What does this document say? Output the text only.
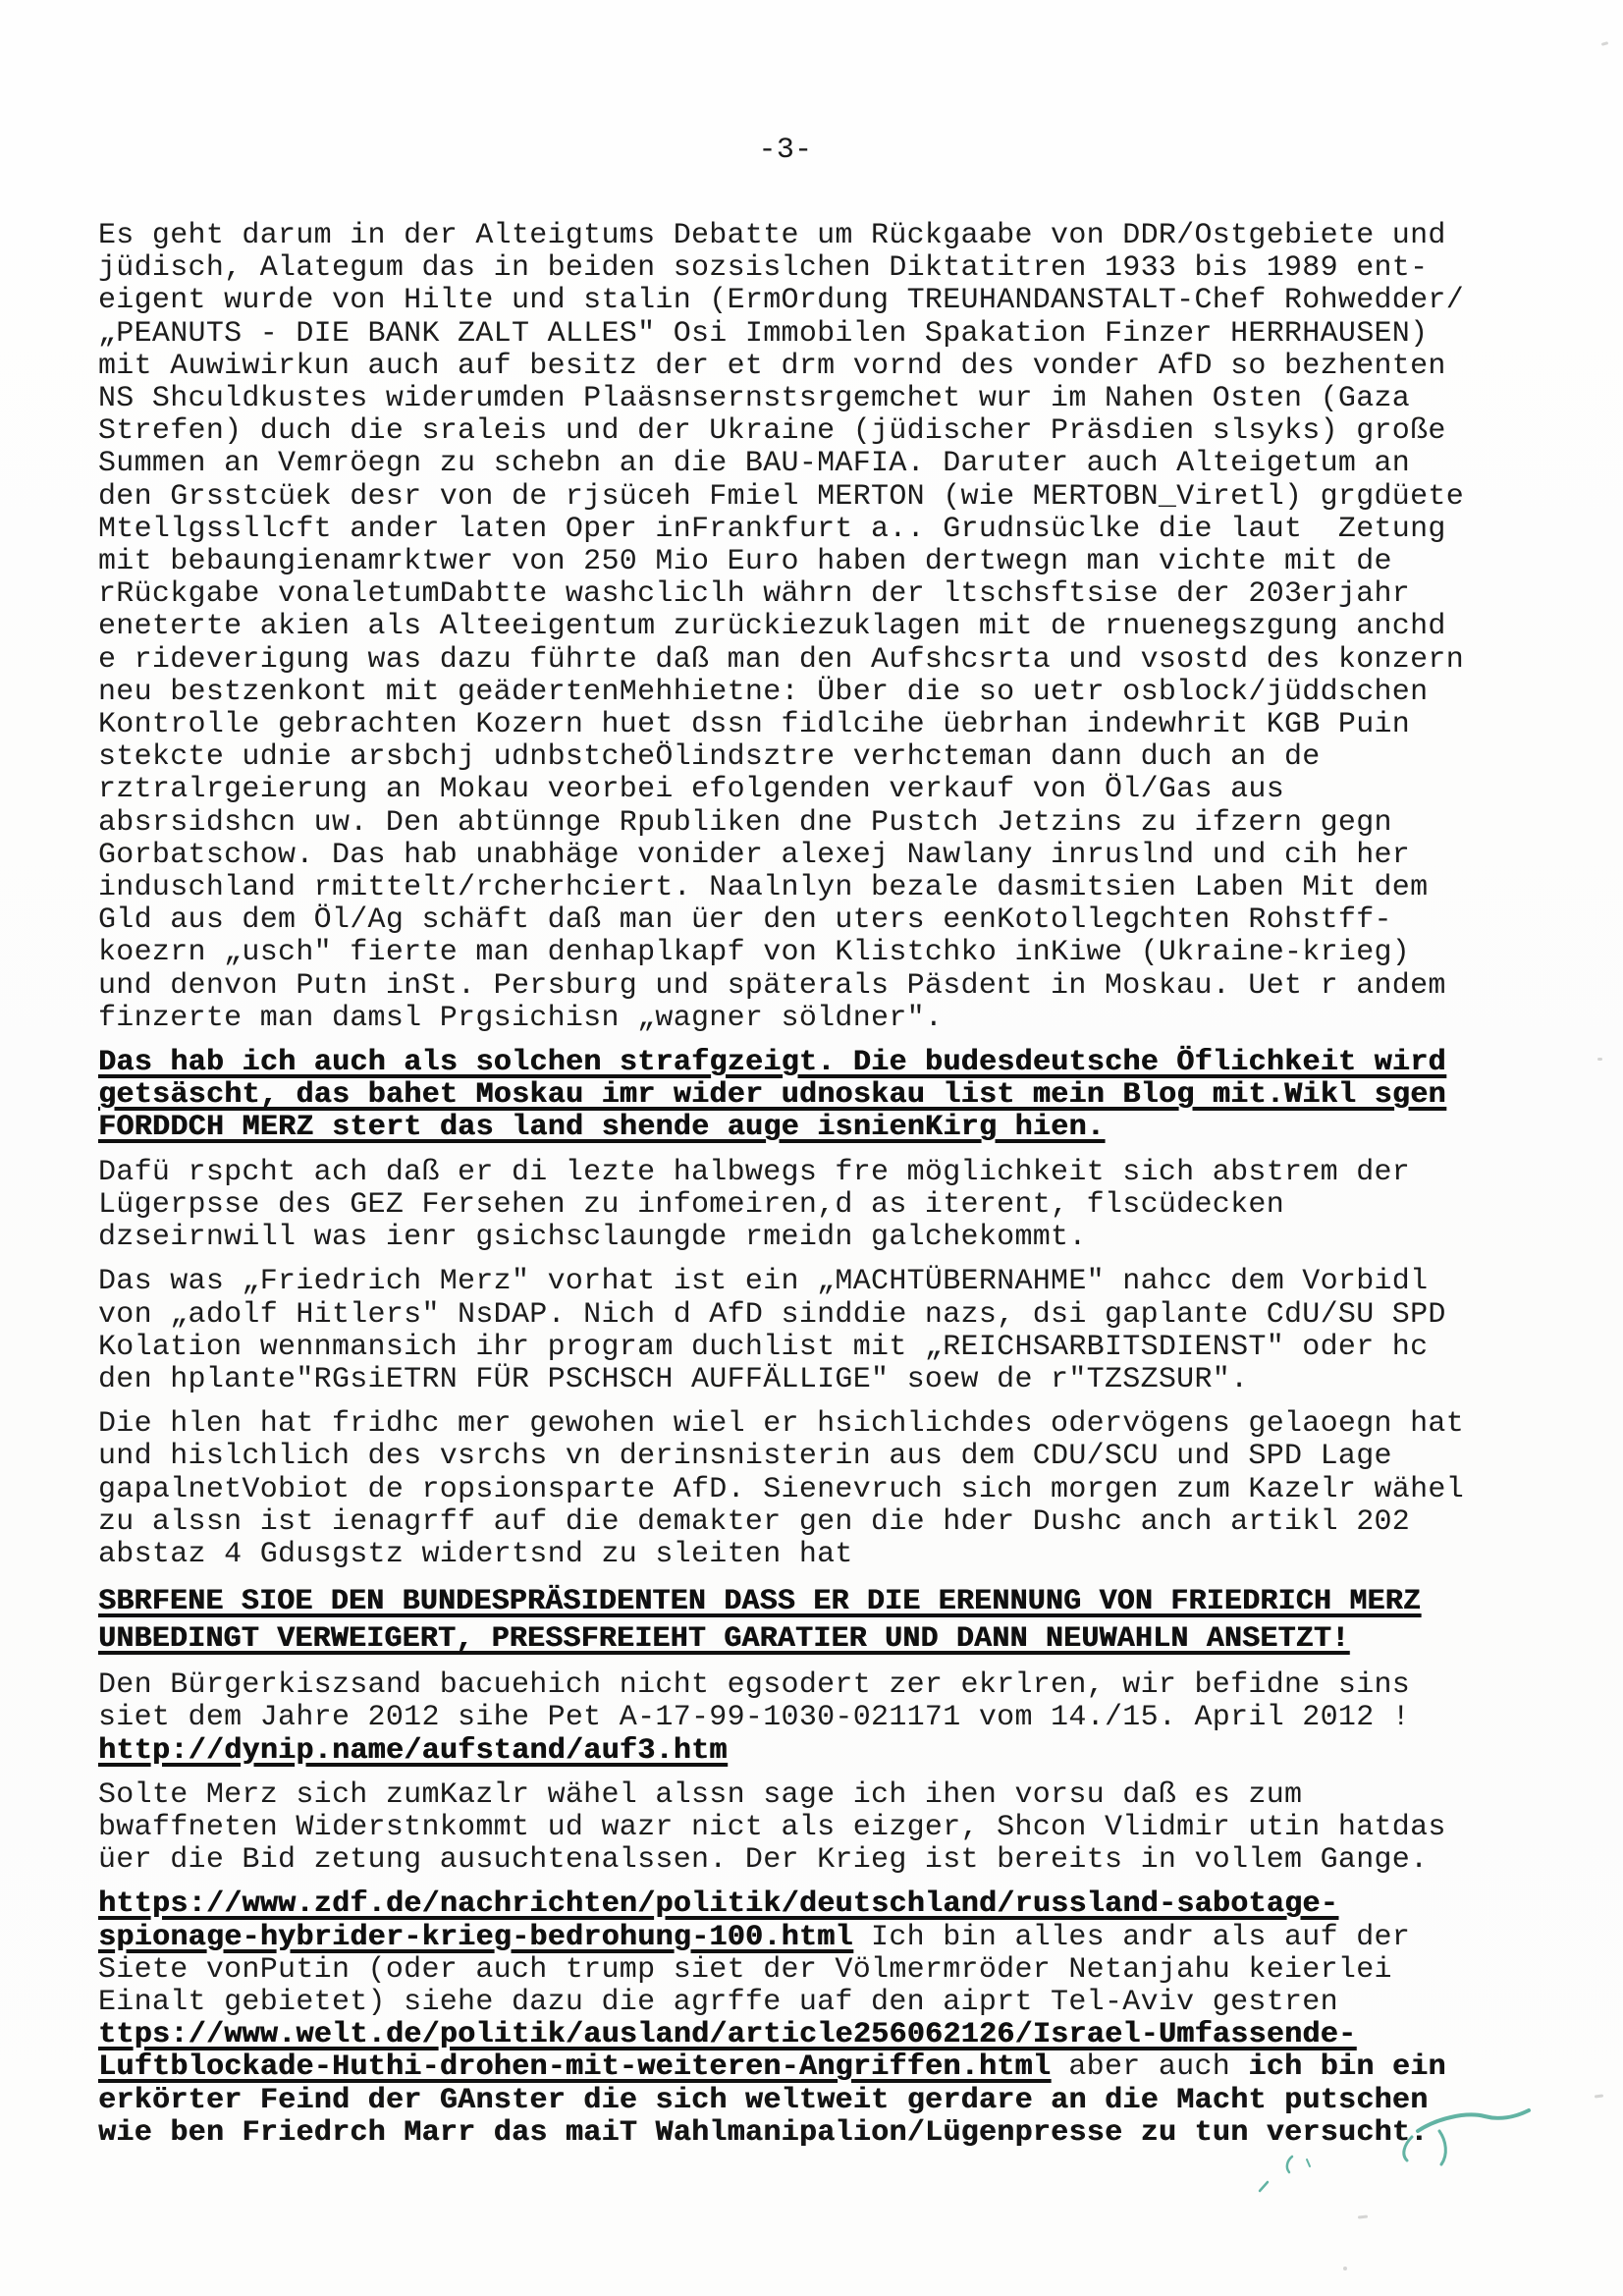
-3-
Es geht darum in der Alteigtums Debatte um Rückgaabe von DDR/Ostgebiete und
jüdisch, Alategum das in beiden sozsislchen Diktatitren 1933 bis 1989 ent-
eigent wurde von Hilte und stalin (ErmOrdung TREUHANDANSTALT-Chef Rohwedder/
„PEANUTS - DIE BANK ZALT ALLES" Osi Immobilen Spakation Finzer HERRHAUSEN)
mit Auwiwirkun auch auf besitz der et drm vornd des vonder AfD so bezhenten
NS Shculdkustes widerumden Plaäsnsernstsrgemchet wur im Nahen Osten (Gaza
Strefen) duch die sraleis und der Ukraine (jüdischer Präsdien slsyks) große
Summen an Vemröegn zu schebn an die BAU-MAFIA. Daruter auch Alteigetum an
den Grsstcüek desr von de rjsüceh Fmiel MERTON (wie MERTOBN_Viretl) grgdüete
Mtellgssllcft ander laten Oper inFrankfurt a.. Grudnsüclke die laut  Zetung
mit bebaungienamrktwer von 250 Mio Euro haben dertwegn man vichte mit de
rRückgabe vonaletumDabtte washcliclh währn der ltschsftsise der 203erjahr
eneterte akien als Alteeigentum zurückiezuklagen mit de rnuenegszgung anchd
e rideverigung was dazu führte daß man den Aufshcsrta und vsostd des konzern
neu bestzenkont mit geädertenMehhietne: Über die so uetr osblock/jüddschen
Kontrolle gebrachten Kozern huet dssn fidlcihe üebrhan indewhrit KGB Puin
stekcte udnie arsbchj udnbstcheÖlindsztre verhcteman dann duch an de
rztralrgeierung an Mokau veorbei efolgenden verkauf von Öl/Gas aus
absrsidshcn uw. Den abtünnge Rpubliken dne Pustch Jetzins zu ifzern gegn
Gorbatschow. Das hab unabhäge vonider alexej Nawlany inruslnd und cih her
induschland rmittelt/rcherhciert. Naalnlyn bezale dasmitsien Laben Mit dem
Gld aus dem Öl/Ag schäft daß man üer den uters eenKotollegchten Rohstff-
koezrn „usch" fierte man denhaplkapf von Klistchko inKiwe (Ukraine-krieg)
und denvon Putn inSt. Persburg und späterals Päsdent in Moskau. Uet r andem
finzerte man damsl Prgsichisn „wagner söldner".
Das hab ich auch als solchen strafgzeigt. Die budesdeutsche Öflichkeit wird
getsäscht, das bahet Moskau imr wider udnoskau list mein Blog mit.Wikl sgen
FORDDCH MERZ stert das land shende auge isnienKirg hien.
Dafü rspcht ach daß er di lezte halbwegs fre möglichkeit sich abstrem der
Lügerpsse des GEZ Fersehen zu infomeiren,d as iterent, flscüdecken
dzseirnwill was ienr gsichsclaungde rmeidn galchekommt.
Das was „Friedrich Merz" vorhat ist ein „MACHTÜBERNAHME" nahcc dem Vorbidl
von „adolf Hitlers" NsDAP. Nich d AfD sinddie nazs, dsi gaplante CdU/SU SPD
Kolation wennmansich ihr program duchlist mit „REICHSARBITSDIENST" oder hc
den hplante"RGsiETRN FÜR PSCHSCH AUFFÄLLIGE" soew de r"TZSZSUR".
Die hlen hat fridhc mer gewohen wiel er hsichlichdes odervögens gelaoegn hat
und hislchlich des vsrchs vn derinsnisterin aus dem CDU/SCU und SPD Lage
gapalnetVobiot de ropsionsparte AfD. Sienevruch sich morgen zum Kazelr wähel
zu alssn ist ienagrff auf die demakter gen die hder Dushc anch artikl 202
abstaz 4 Gdusgstz widertsnd zu sleiten hat
SBRFENE SIOE DEN BUNDESPRÄSIDENTEN DASS ER DIE ERENNUNG VON FRIEDRICH MERZ
UNBEDINGT VERWEIGERT, PRESSFREIEHT GARATIER UND DANN NEUWAHLN ANSETZT!
Den Bürgerkiszsand bacuehich nicht egsodert zer ekrlren, wir befidne sins
siet dem Jahre 2012 sihe Pet A-17-99-1030-021171 vom 14./15. April 2012 !
http://dynip.name/aufstand/auf3.htm
Solte Merz sich zumKazlr wähel alssn sage ich ihen vorsu daß es zum
bwaffneten Widerstnkommt ud wazr nict als eizger, Shcon Vlidmir utin hatdas
üer die Bid zetung ausuchtenalssen. Der Krieg ist bereits in vollem Gange.
https://www.zdf.de/nachrichten/politik/deutschland/russland-sabotage-
spionage-hybrider-krieg-bedrohung-100.html Ich bin alles andr als auf der
Siete vonPutin (oder auch trump siet der Völmermröder Netanjahu keierlei
Einalt gebietet) siehe dazu die agrffe uaf den aiprt Tel-Aviv gestren
ttps://www.welt.de/politik/ausland/article256062126/Israel-Umfassende-
Luftblockade-Huthi-drohen-mit-weiteren-Angriffen.html aber auch ich bin ein
erkörter Feind der GAnster die sich weltweit gerdare an die Macht putschen
wie ben Friedrch Marr das maiT Wahlmanipalion/Lügenpresse zu tun versucht.
